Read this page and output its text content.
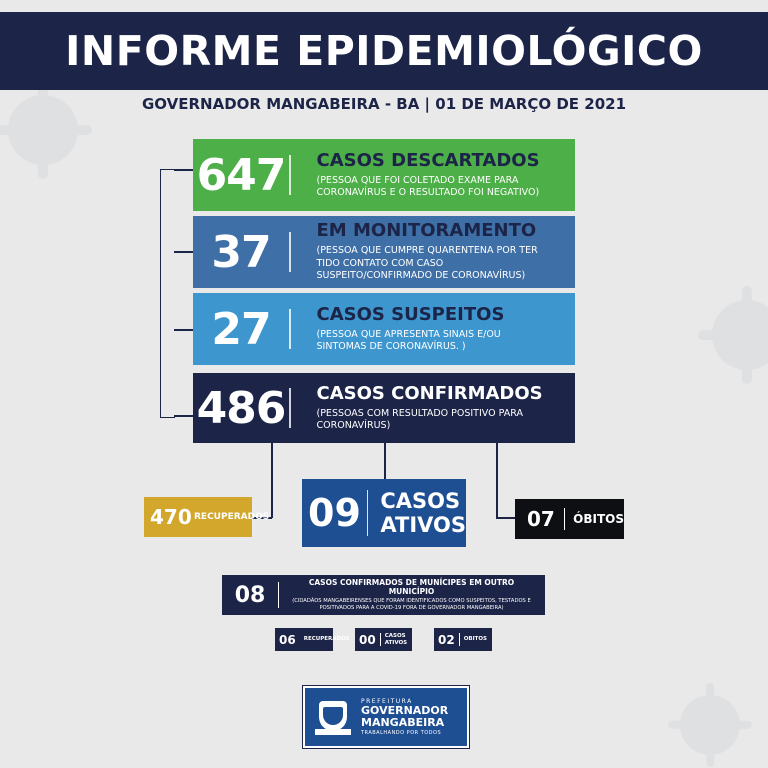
INFORME EPIDEMIOLÓGICO
GOVERNADOR MANGABEIRA - BA | 01 DE MARÇO DE 2021
647 CASOS DESCARTADOS
(PESSOA QUE FOI COLETADO EXAME PARA CORONAVÍRUS E O RESULTADO FOI NEGATIVO)
37	EM MONITORAMENTO
(PESSOA QUE CUMPRE QUARENTENA POR TER TIDO CONTATO COM CASO SUSPEITO/CONFIRMADO DE CORONAVÍRUS)
27	CASOS SUSPEITOS
(PESSOA QUE APRESENTA SINAIS E/OU SINTOMAS DE CORONAVÍRUS. )
486 CASOS CONFIRMADOS
(PESSOAS COM RESULTADO POSITIVO PARA CORONAVÍRUS)
470 RECUPERADOS 09 CASOS
ATIVOS	07 ÓBITOS
08	CASOS CONFIRMADOS DE MUNÍCIPES EM OUTRO MUNICÍPIO
(CIDADÃOS MANGABEIRENSES QUE FORAM IDENTIFICADOS COMO SUSPEITOS, TESTADOS E POSITIVADOS PARA A COVID-19 FORA DE GOVERNADOR MANGABEIRA)
06 RECUPERADOS 00 CASOS
ATIVOS	02 OBITOS
PREFEITURA
GOVERNADOR
MANGABEIRA
TRABALHANDO POR TODOS
